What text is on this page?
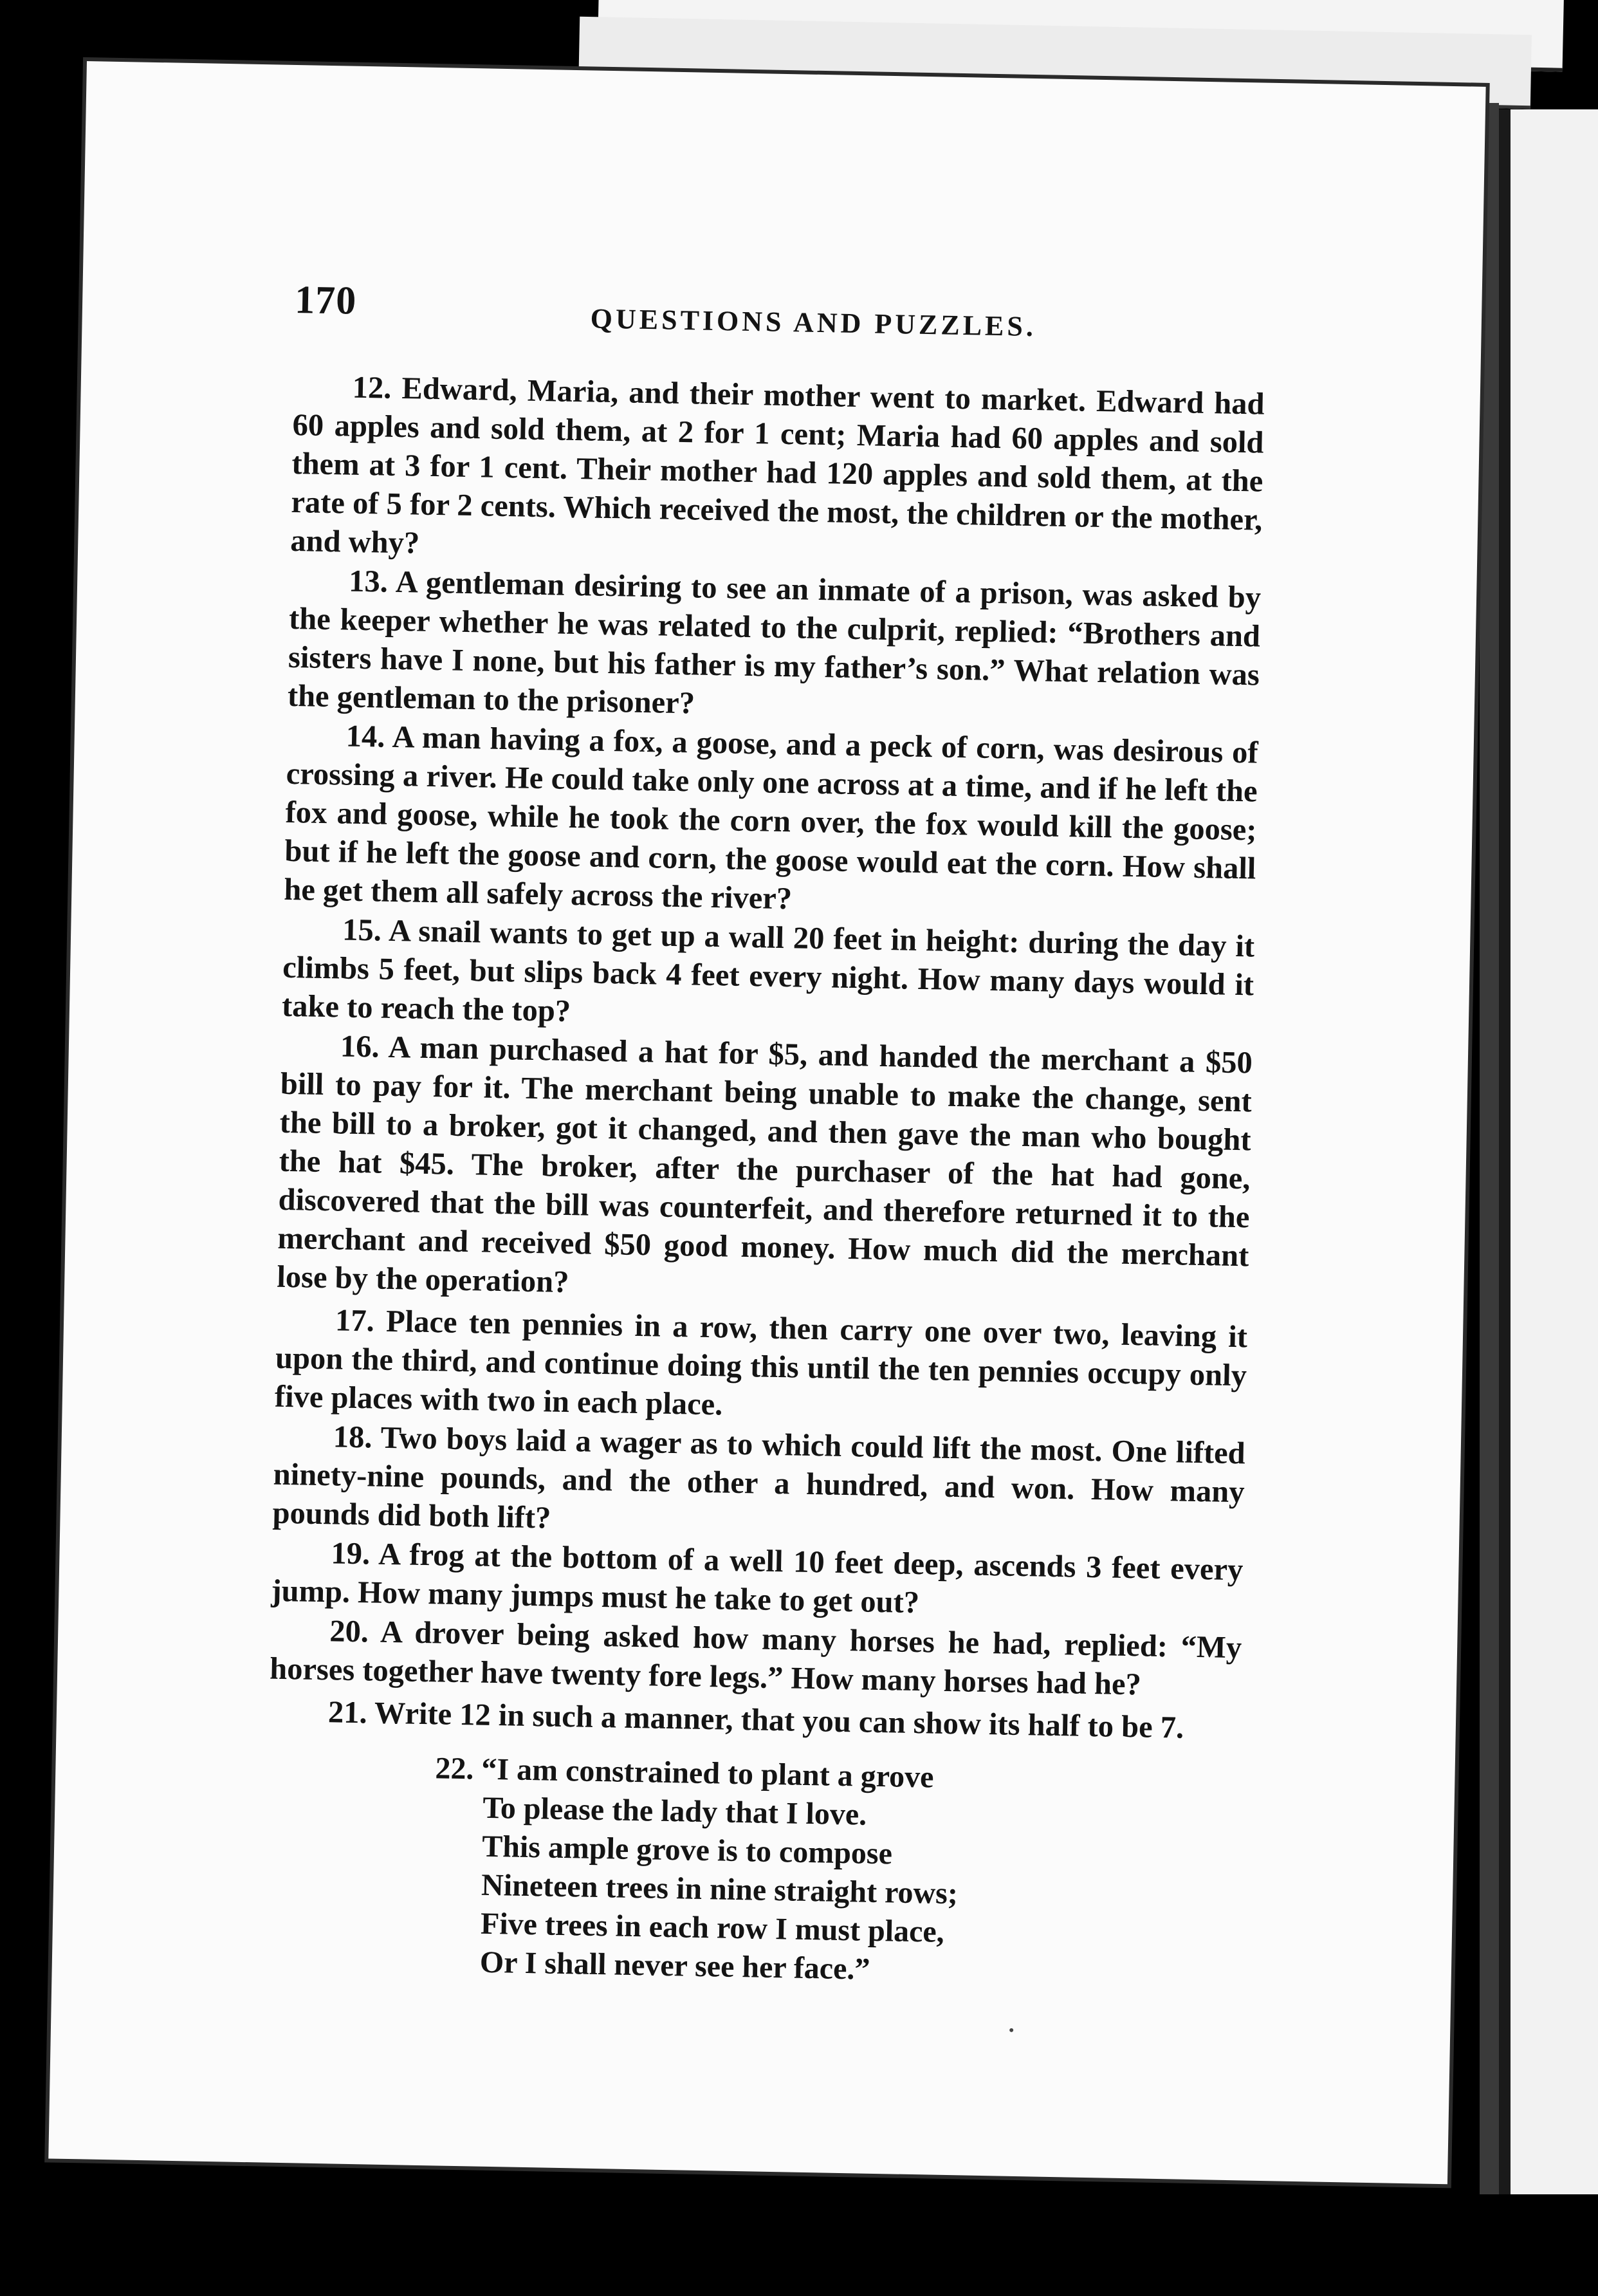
170	QUESTIONS AND PUZZLES.

12. Edward, Maria, and their mother went to market. Edward had 60 apples and sold them, at 2 for 1 cent; Maria had 60 apples and sold them at 3 for 1 cent. Their mother had 120 apples and sold them, at the rate of 5 for 2 cents. Which received the most, the children or the mother, and why?

13. A gentleman desiring to see an inmate of a prison, was asked by the keeper whether he was related to the culprit, replied: “Brothers and sisters have I none, but his father is my father’s son.” What relation was the gentleman to the prisoner?

14. A man having a fox, a goose, and a peck of corn, was desirous of crossing a river. He could take only one across at a time, and if he left the fox and goose, while he took the corn over, the fox would kill the goose; but if he left the goose and corn, the goose would eat the corn. How shall he get them all safely across the river?

15. A snail wants to get up a wall 20 feet in height: during the day it climbs 5 feet, but slips back 4 feet every night. How many days would it take to reach the top?

16. A man purchased a hat for $5, and handed the merchant a $50 bill to pay for it. The merchant being unable to make the change, sent the bill to a broker, got it changed, and then gave the man who bought the hat $45. The broker, after the purchaser of the hat had gone, discovered that the bill was counterfeit, and therefore returned it to the merchant and received $50 good money. How much did the merchant lose by the operation?

17. Place ten pennies in a row, then carry one over two, leaving it upon the third, and continue doing this until the ten pennies occupy only five places with two in each place.

18. Two boys laid a wager as to which could lift the most. One lifted ninety-nine pounds, and the other a hundred, and won. How many pounds did both lift?

19. A frog at the bottom of a well 10 feet deep, ascends 3 feet every jump. How many jumps must he take to get out?

20. A drover being asked how many horses he had, replied: “My horses together have twenty fore legs.” How many horses had he?

21. Write 12 in such a manner, that you can show its half to be 7.

22. “I am constrained to plant a grove
To please the lady that I love.
This ample grove is to compose
Nineteen trees in nine straight rows;
Five trees in each row I must place,
Or I shall never see her face.”
